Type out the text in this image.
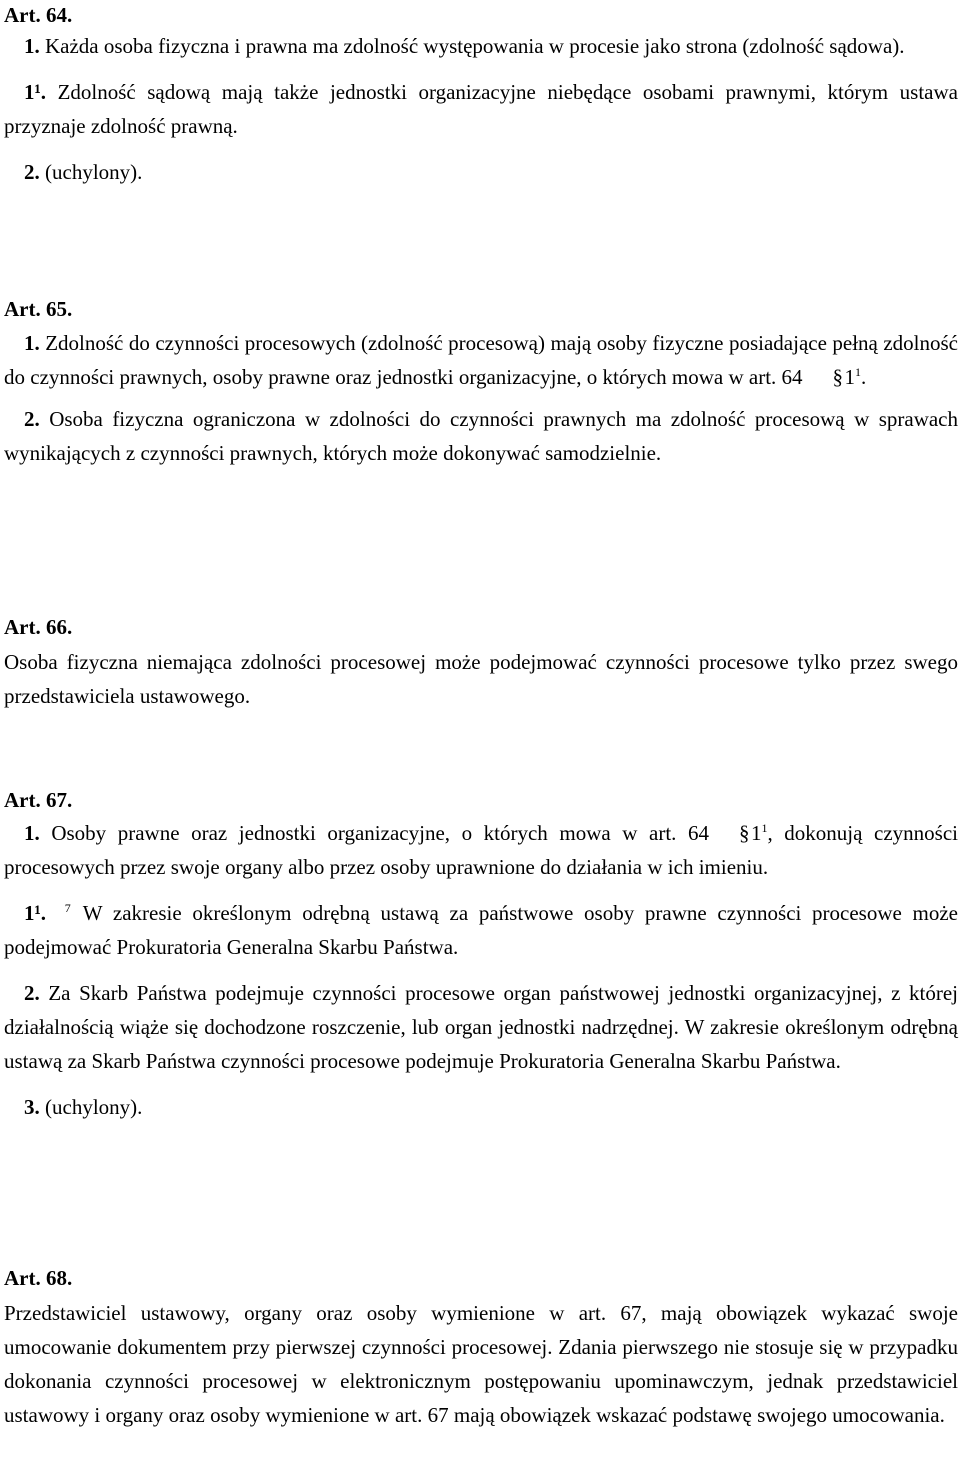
Art. 64.

1. Każda osoba fizyczna i prawna ma zdolność występowania w procesie jako strona (zdolność sądowa).

1¹. Zdolność sądową mają także jednostki organizacyjne niebędące osobami prawnymi, którym ustawa przyznaje zdolność prawną.

2. (uchylony).

Art. 65.

1. Zdolność do czynności procesowych (zdolność procesową) mają osoby fizyczne posiadające pełną zdolność do czynności prawnych, osoby prawne oraz jednostki organizacyjne, o których mowa w art. 64 $\S 1^1$.

2. Osoba fizyczna ograniczona w zdolności do czynności prawnych ma zdolność procesową w sprawach wynikających z czynności prawnych, których może dokonywać samodzielnie.

Art. 66.

Osoba fizyczna niemająca zdolności procesowej może podejmować czynności procesowe tylko przez swego przedstawiciela ustawowego.

Art. 67.

1. Osoby prawne oraz jednostki organizacyjne, o których mowa w art. 64 $\S 1^1$, dokonują czynności procesowych przez swoje organy albo przez osoby uprawnione do działania w ich imieniu.

1¹. $^7$ W zakresie określonym odrębną ustawą za państwowe osoby prawne czynności procesowe może podejmować Prokuratoria Generalna Skarbu Państwa.

2. Za Skarb Państwa podejmuje czynności procesowe organ państwowej jednostki organizacyjnej, z której działalnością wiąże się dochodzone roszczenie, lub organ jednostki nadrzędnej. W zakresie określonym odrębną ustawą za Skarb Państwa czynności procesowe podejmuje Prokuratoria Generalna Skarbu Państwa.

3. (uchylony).

Art. 68.

Przedstawiciel ustawowy, organy oraz osoby wymienione w art. 67, mają obowiązek wykazać swoje umocowanie dokumentem przy pierwszej czynności procesowej. Zdania pierwszego nie stosuje się w przypadku dokonania czynności procesowej w elektronicznym postępowaniu upominawczym, jednak przedstawiciel ustawowy i organy oraz osoby wymienione w art. 67 mają obowiązek wskazać podstawę swojego umocowania.
